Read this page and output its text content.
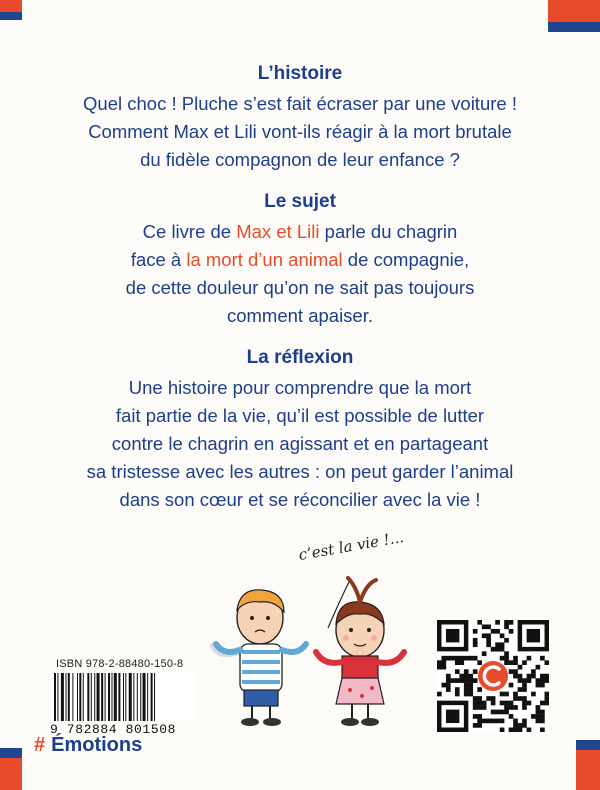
L’histoire

Quel choc ! Pluche s’est fait écraser par une voiture !
Comment Max et Lili vont-ils réagir à la mort brutale
du fidèle compagnon de leur enfance ?

Le sujet

Ce livre de Max et Lili parle du chagrin
face à la mort d’un animal de compagnie,
de cette douleur qu’on ne sait pas toujours
comment apaiser.

La réflexion

Une histoire pour comprendre que la mort
fait partie de la vie, qu’il est possible de lutter
contre le chagrin en agissant et en partageant
sa tristesse avec les autres : on peut garder l’animal
dans son cœur et se réconcilier avec la vie !

c’est la vie !...
ISBN 978-2-88480-150-8
9 782884 801508
# Émotions
